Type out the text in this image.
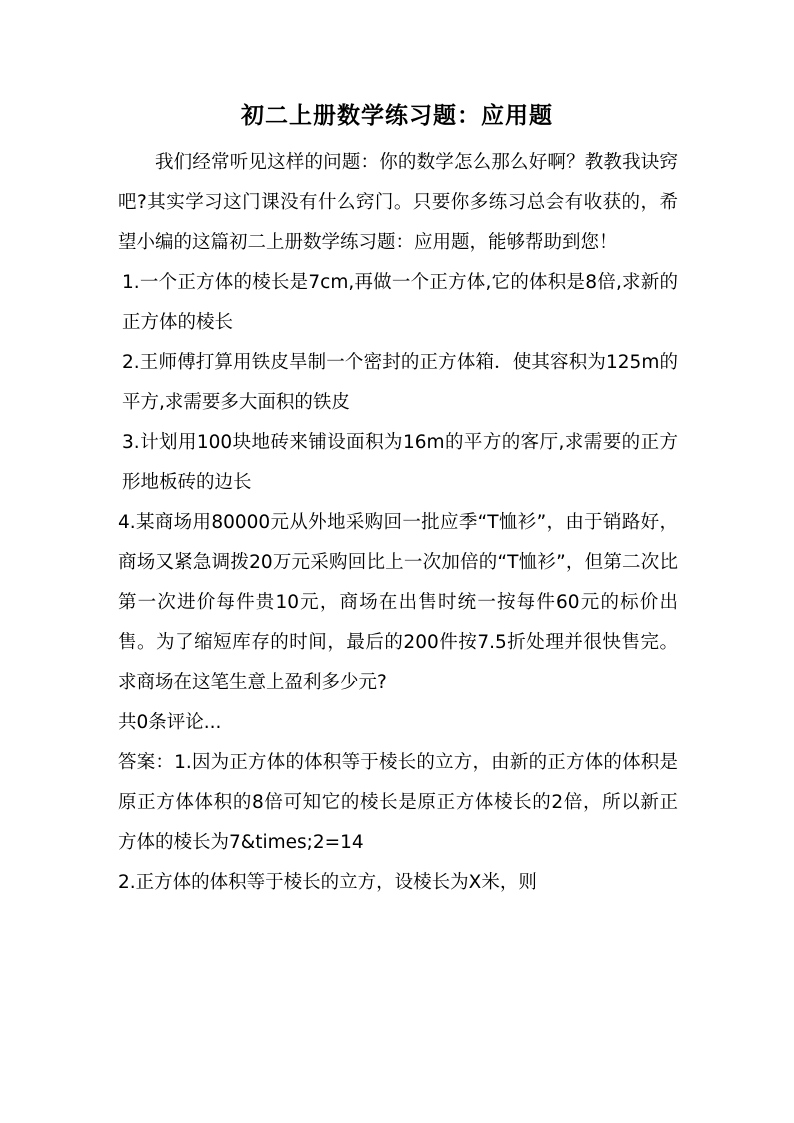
初二上册数学练习题：应用题

我们经常听见这样的问题：你的数学怎么那么好啊？教教我诀窍吧?其实学习这门课没有什么窍门。只要你多练习总会有收获的，希望小编的这篇初二上册数学练习题：应用题，能够帮助到您！

1.一个正方体的棱长是7cm,再做一个正方体,它的体积是8倍,求新的正方体的棱长

2.王师傅打算用铁皮旱制一个密封的正方体箱．使其容积为125m的平方,求需要多大面积的铁皮

3.计划用100块地砖来铺设面积为16m的平方的客厅,求需要的正方形地板砖的边长

4.某商场用80000元从外地采购回一批应季“T恤衫”，由于销路好，商场又紧急调拨20万元采购回比上一次加倍的“T恤衫”，但第二次比第一次进价每件贵10元，商场在出售时统一按每件60元的标价出售。为了缩短库存的时间，最后的200件按7.5折处理并很快售完。求商场在这笔生意上盈利多少元?

共0条评论...

答案：1.因为正方体的体积等于棱长的立方，由新的正方体的体积是原正方体体积的8倍可知它的棱长是原正方体棱长的2倍，所以新正方体的棱长为7&times;2=14

2.正方体的体积等于棱长的立方，设棱长为X米，则
